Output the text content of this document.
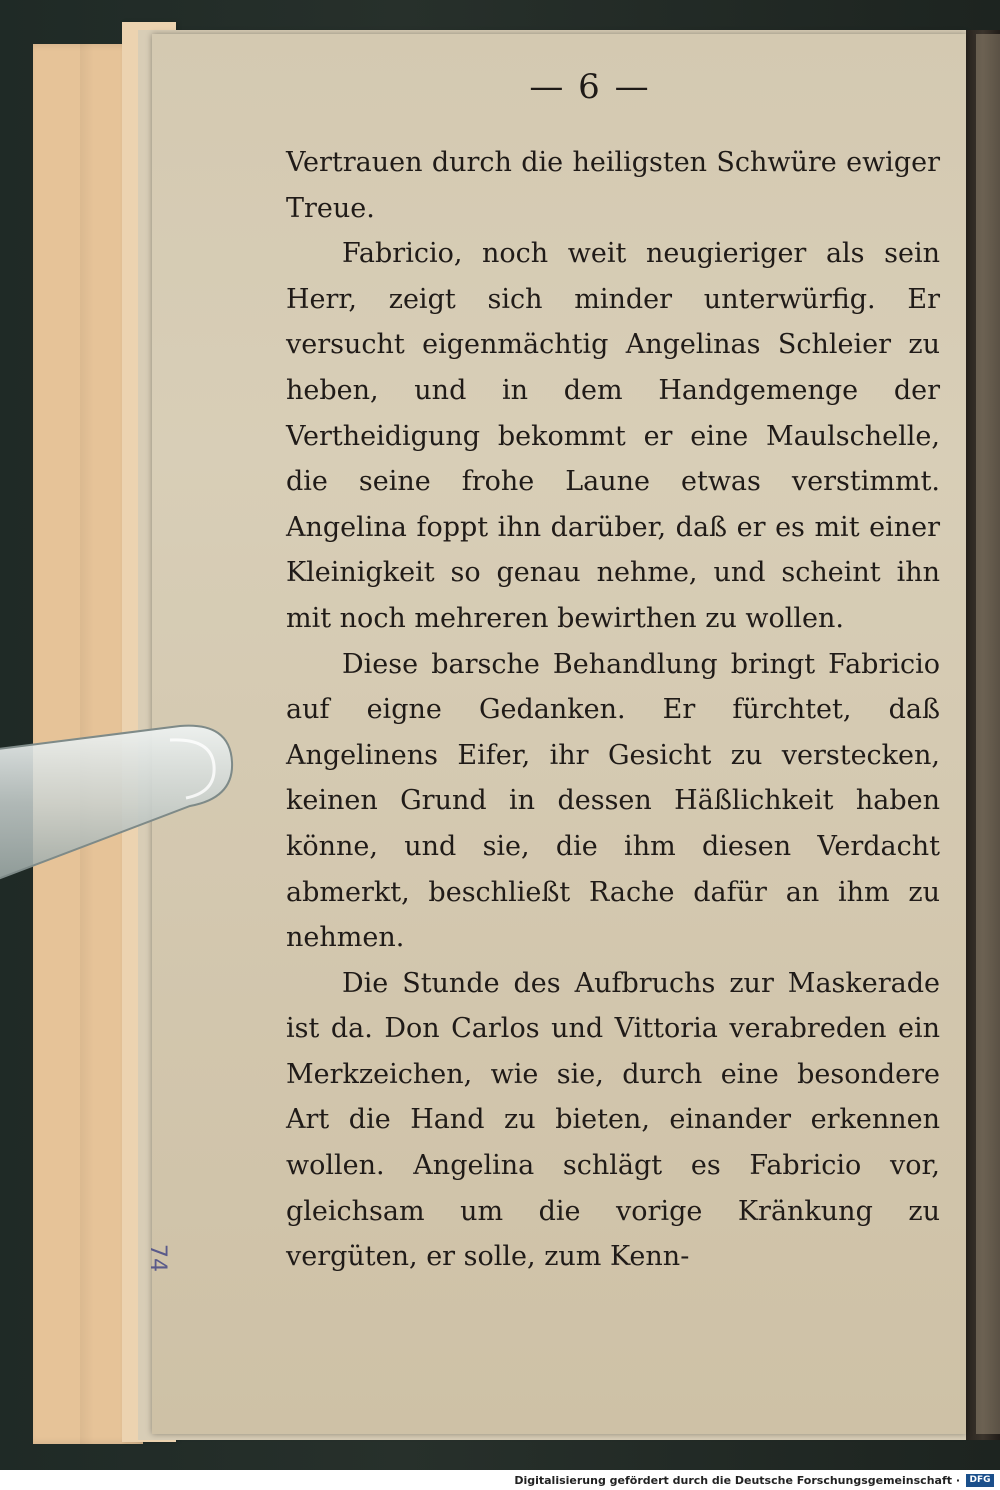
— 6 —

Vertrauen durch die heiligsten Schwüre ewiger Treue.

Fabricio, noch weit neugieriger als sein Herr, zeigt sich minder unterwürfig. Er versucht eigenmächtig Angelinas Schleier zu heben, und in dem Handgemenge der Vertheidigung bekommt er eine Maulschelle, die seine frohe Laune etwas verstimmt. Angelina foppt ihn darüber, daß er es mit einer Kleinigkeit so genau nehme, und scheint ihn mit noch mehreren bewirthen zu wollen.

Diese barsche Behandlung bringt Fabricio auf eigne Gedanken. Er fürchtet, daß Angelinens Eifer, ihr Gesicht zu verstecken, keinen Grund in dessen Häßlichkeit haben könne, und sie, die ihm diesen Verdacht abmerkt, beschließt Rache dafür an ihm zu nehmen.

Die Stunde des Aufbruchs zur Maskerade ist da. Don Carlos und Vittoria verabreden ein Merkzeichen, wie sie, durch eine besondere Art die Hand zu bieten, einander erkennen wollen. Angelina schlägt es Fabricio vor, gleichsam um die vorige Kränkung zu vergüten, er solle, zum Kenn-

74
Digitalisierung gefördert durch die Deutsche Forschungsgemeinschaft ·	DFG
